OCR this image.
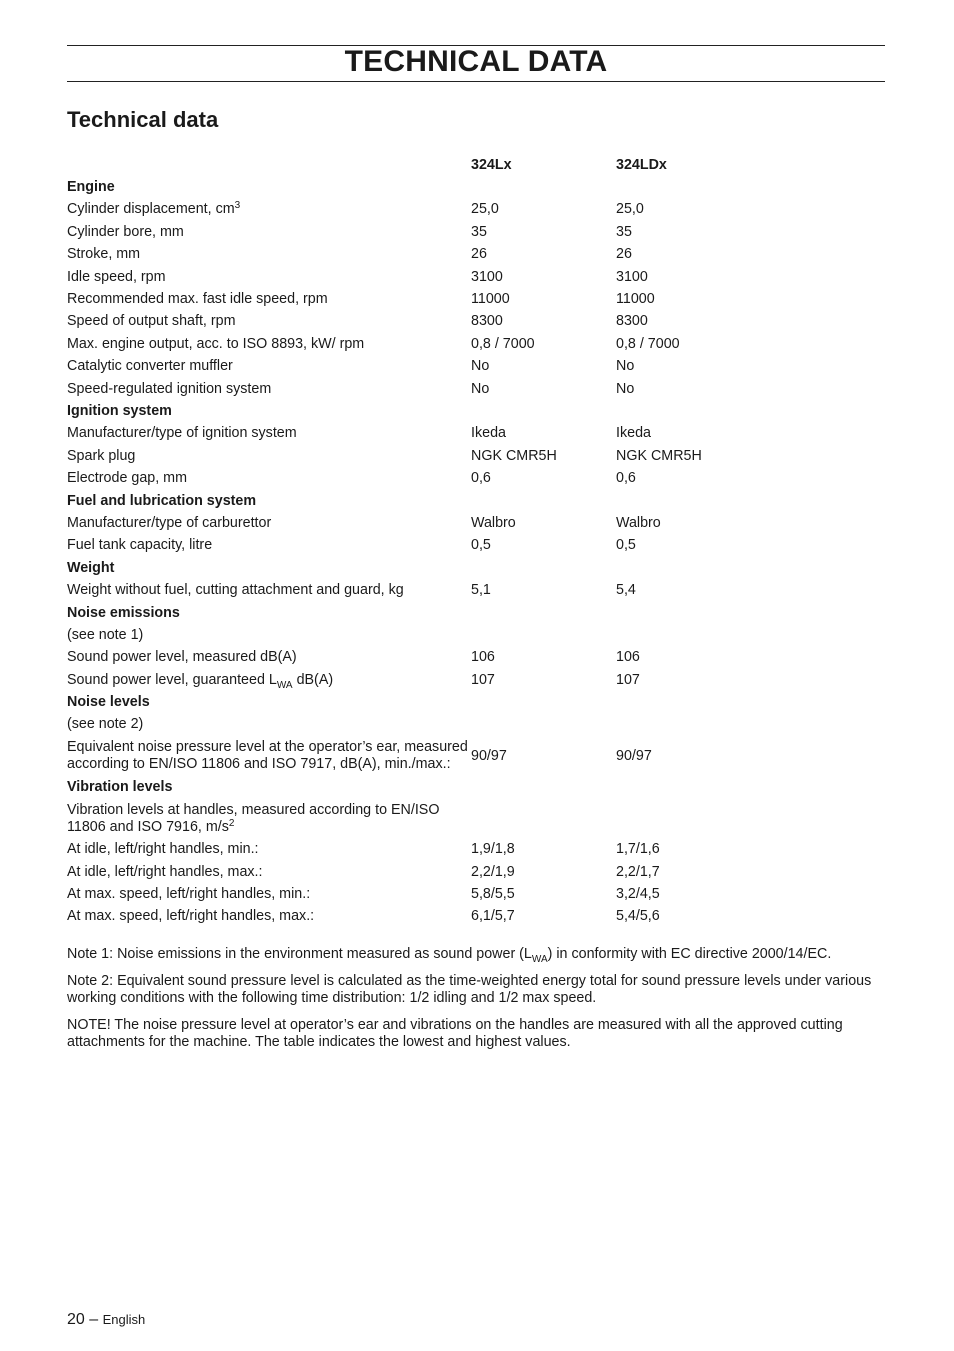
TECHNICAL DATA
Technical data
	324Lx	324LDx
Engine		
Cylinder displacement, $cm^3$	25,0	25,0
Cylinder bore, mm	35	35
Stroke, mm	26	26
Idle speed, rpm	3100	3100
Recommended max. fast idle speed, rpm	11000	11000
Speed of output shaft, rpm	8300	8300
Max. engine output, acc. to ISO 8893, kW/ rpm	0,8 / 7000	0,8 / 7000
Catalytic converter muffler	No	No
Speed-regulated ignition system	No	No
Ignition system		
Manufacturer/type of ignition system	Ikeda	Ikeda
Spark plug	NGK CMR5H	NGK CMR5H
Electrode gap, mm	0,6	0,6
Fuel and lubrication system		
Manufacturer/type of carburettor	Walbro	Walbro
Fuel tank capacity, litre	0,5	0,5
Weight		
Weight without fuel, cutting attachment and guard, kg	5,1	5,4
Noise emissions		
(see note 1)		
Sound power level, measured dB(A)	106	106
Sound power level, guaranteed $L_{WA}$ dB(A)	107	107
Noise levels		
(see note 2)		
Equivalent noise pressure level at the operator’s ear, measured according to EN/ISO 11806 and ISO 7917, dB(A), min./max.:	90/97	90/97
Vibration levels		
Vibration levels at handles, measured according to EN/ISO 11806 and ISO 7916, $m/s^2$		
At idle, left/right handles, min.:	1,9/1,8	1,7/1,6
At idle, left/right handles, max.:	2,2/1,9	2,2/1,7
At max. speed, left/right handles, min.:	5,8/5,5	3,2/4,5
At max. speed, left/right handles, max.:	6,1/5,7	5,4/5,6

Note 1: Noise emissions in the environment measured as sound power $(L_{WA})$ in conformity with EC directive 2000/14/EC.

Note 2: Equivalent sound pressure level is calculated as the time-weighted energy total for sound pressure levels under various working conditions with the following time distribution: 1/2 idling and 1/2 max speed.

NOTE! The noise pressure level at operator’s ear and vibrations on the handles are measured with all the approved cutting attachments for the machine. The table indicates the lowest and highest values.

20 – English
